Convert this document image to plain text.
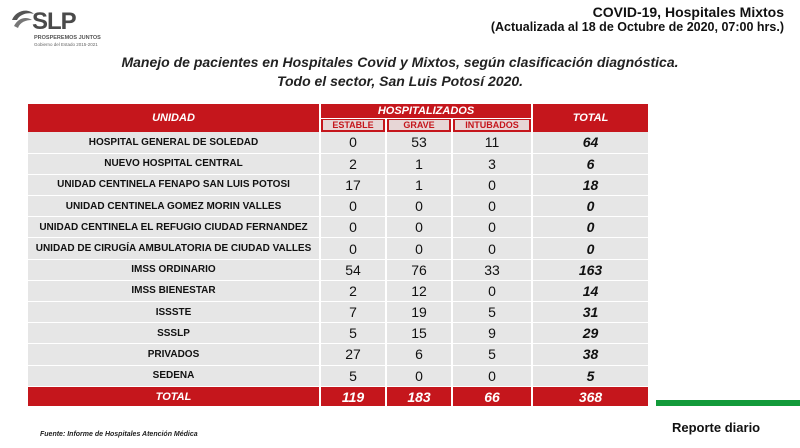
SLP
PROSPEREMOS JUNTOS
Gobierno del Estado 2015-2021
COVID-19, Hospitales Mixtos
(Actualizada al 18 de Octubre de 2020, 07:00 hrs.)
Manejo de pacientes en Hospitales Covid y Mixtos, según clasificación diagnóstica.
Todo el sector, San Luis Potosí 2020.
UNIDAD	HOSPITALIZADOS			TOTAL

	ESTABLE	GRAVE	INTUBADOS	

HOSPITAL GENERAL DE SOLEDAD	0	53	11	64
NUEVO HOSPITAL CENTRAL	2	1	3	6
UNIDAD CENTINELA FENAPO SAN LUIS POTOSI	17	1	0	18
UNIDAD CENTINELA GOMEZ MORIN VALLES	0	0	0	0
UNIDAD CENTINELA EL REFUGIO CIUDAD FERNANDEZ	0	0	0	0
UNIDAD DE CIRUGÍA AMBULATORIA DE CIUDAD VALLES	0	0	0	0
IMSS ORDINARIO	54	76	33	163
IMSS BIENESTAR	2	12	0	14
ISSSTE	7	19	5	31
SSSLP	5	15	9	29
PRIVADOS	27	6	5	38
SEDENA	5	0	0	5
TOTAL	119	183	66	368
Fuente: Informe de Hospitales Atención Médica	Reporte diario
